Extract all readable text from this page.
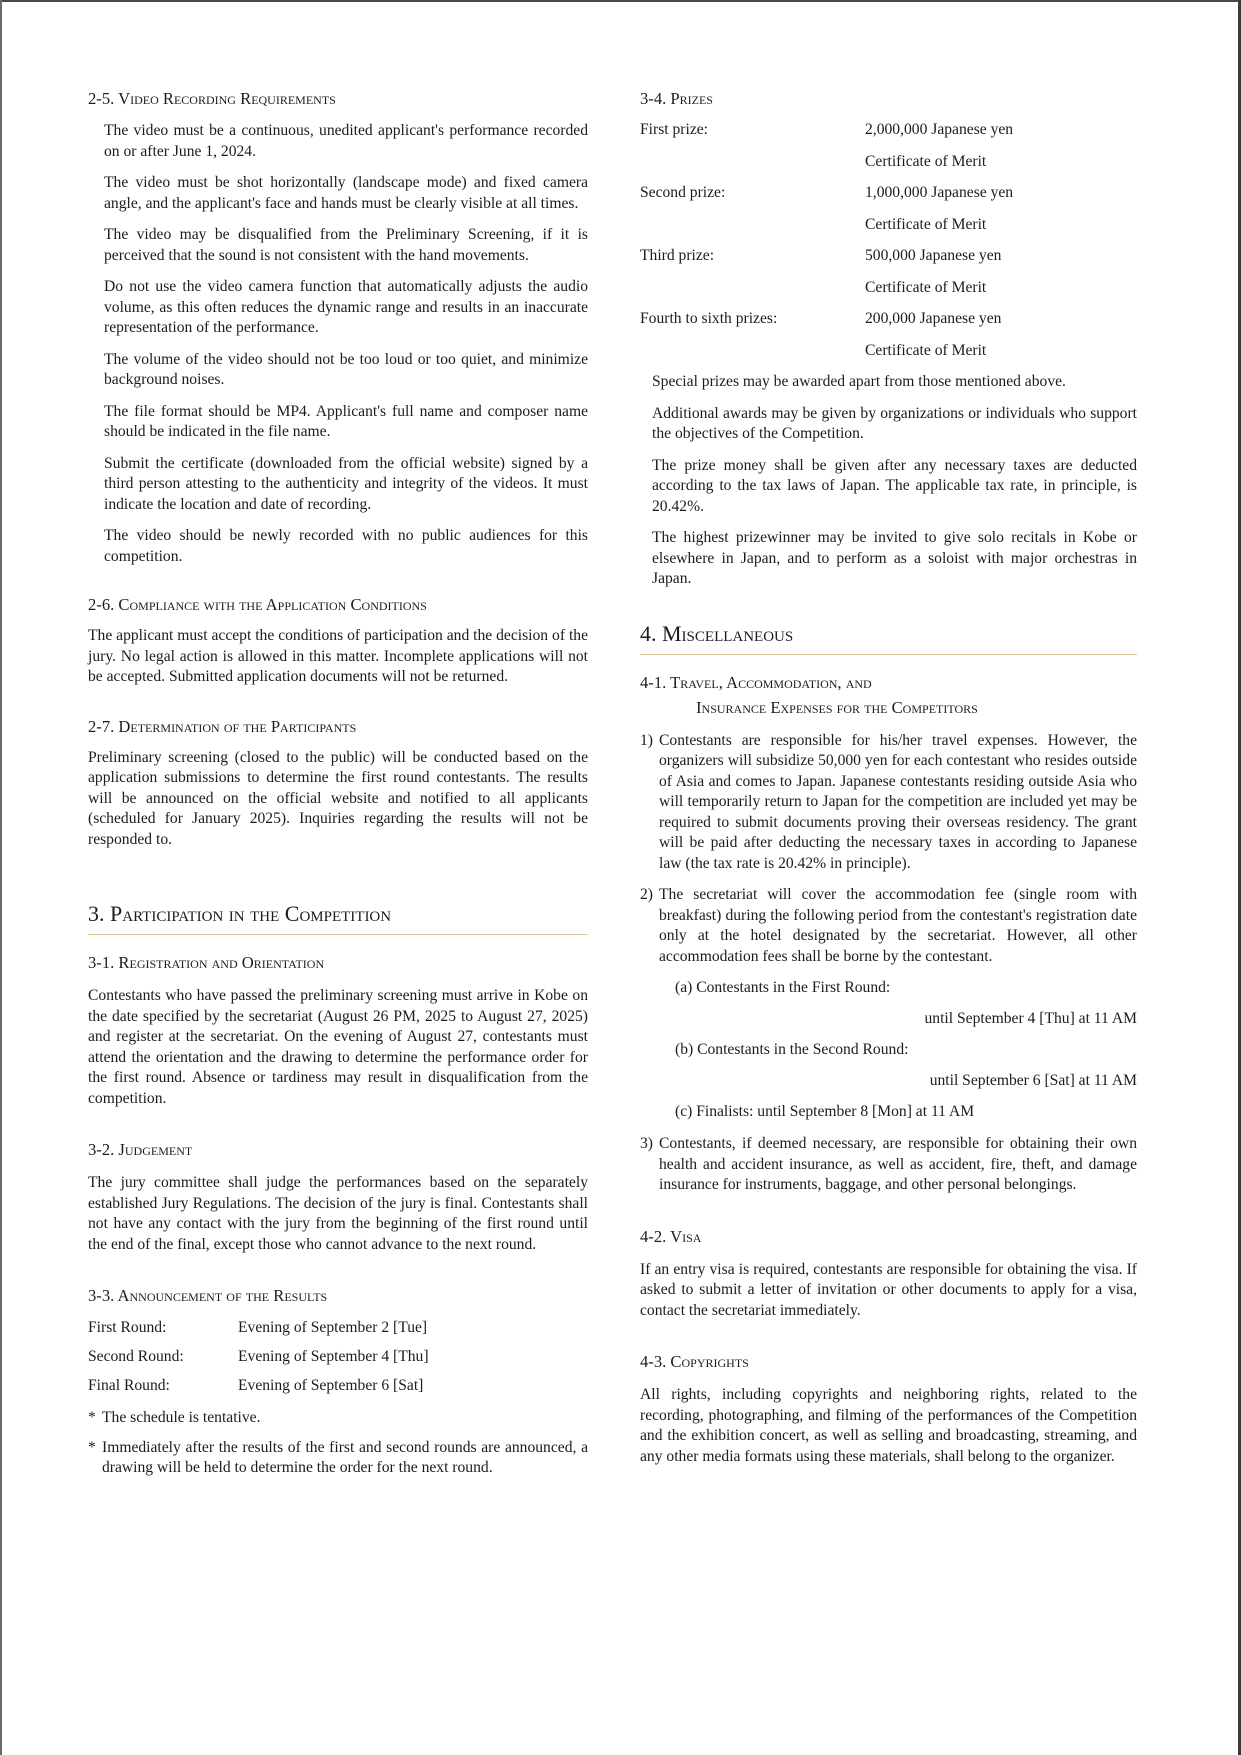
2-5. Video Recording Requirements

The video must be a continuous, unedited applicant's performance recorded on or after June 1, 2024.

The video must be shot horizontally (landscape mode) and fixed camera angle, and the applicant's face and hands must be clearly visible at all times.

The video may be disqualified from the Preliminary Screening, if it is perceived that the sound is not consistent with the hand movements.

Do not use the video camera function that automatically adjusts the audio volume, as this often reduces the dynamic range and results in an inaccurate representation of the performance.

The volume of the video should not be too loud or too quiet, and minimize background noises.

The file format should be MP4. Applicant's full name and composer name should be indicated in the file name.

Submit the certificate (downloaded from the official website) signed by a third person attesting to the authenticity and integrity of the videos. It must indicate the location and date of recording.

The video should be newly recorded with no public audiences for this competition.

2-6. Compliance with the Application Conditions

The applicant must accept the conditions of participation and the decision of the jury. No legal action is allowed in this matter. Incomplete applications will not be accepted. Submitted application documents will not be returned.

2-7. Determination of the Participants

Preliminary screening (closed to the public) will be conducted based on the application submissions to determine the first round contestants. The results will be announced on the official website and notified to all applicants (scheduled for January 2025). Inquiries regarding the results will not be responded to.

3. Participation in the Competition
3-1. Registration and Orientation

Contestants who have passed the preliminary screening must arrive in Kobe on the date specified by the secretariat (August 26 PM, 2025 to August 27, 2025) and register at the secretariat. On the evening of August 27, contestants must attend the orientation and the drawing to determine the performance order for the first round. Absence or tardiness may result in disqualification from the competition.

3-2. Judgement

The jury committee shall judge the performances based on the separately established Jury Regulations. The decision of the jury is final. Contestants shall not have any contact with the jury from the beginning of the first round until the end of the final, except those who cannot advance to the next round.

3-3. Announcement of the Results
First Round:	Evening of September 2 [Tue]
Second Round:	Evening of September 4 [Thu]
Final Round:	Evening of September 6 [Sat]
* The schedule is tentative.
* Immediately after the results of the first and second rounds are announced, a drawing will be held to determine the order for the next round.
3-4. Prizes
First prize:	2,000,000 Japanese yen
Certificate of Merit
Second prize:	1,000,000 Japanese yen
Certificate of Merit
Third prize:	500,000 Japanese yen
Certificate of Merit
Fourth to sixth prizes:	200,000 Japanese yen
Certificate of Merit

Special prizes may be awarded apart from those mentioned above.

Additional awards may be given by organizations or individuals who support the objectives of the Competition.

The prize money shall be given after any necessary taxes are deducted according to the tax laws of Japan. The applicable tax rate, in principle, is 20.42%.

The highest prizewinner may be invited to give solo recitals in Kobe or elsewhere in Japan, and to perform as a soloist with major orchestras in Japan.

4. Miscellaneous
4-1. Travel, Accommodation, and
Insurance Expenses for the Competitors
1) Contestants are responsible for his/her travel expenses. However, the organizers will subsidize 50,000 yen for each contestant who resides outside of Asia and comes to Japan. Japanese contestants residing outside Asia who will temporarily return to Japan for the competition are included yet may be required to submit documents proving their overseas residency. The grant will be paid after deducting the necessary taxes in according to Japanese law (the tax rate is 20.42% in principle).
2) The secretariat will cover the accommodation fee (single room with breakfast) during the following period from the contestant's registration date only at the hotel designated by the secretariat. However, all other accommodation fees shall be borne by the contestant.
(a) Contestants in the First Round:
until September 4 [Thu] at 11 AM
(b) Contestants in the Second Round:
until September 6 [Sat] at 11 AM
(c) Finalists: until September 8 [Mon] at 11 AM
3) Contestants, if deemed necessary, are responsible for obtaining their own health and accident insurance, as well as accident, fire, theft, and damage insurance for instruments, baggage, and other personal belongings.
4-2. Visa

If an entry visa is required, contestants are responsible for obtaining the visa. If asked to submit a letter of invitation or other documents to apply for a visa, contact the secretariat immediately.

4-3. Copyrights

All rights, including copyrights and neighboring rights, related to the recording, photographing, and filming of the performances of the Competition and the exhibition concert, as well as selling and broadcasting, streaming, and any other media formats using these materials, shall belong to the organizer.
